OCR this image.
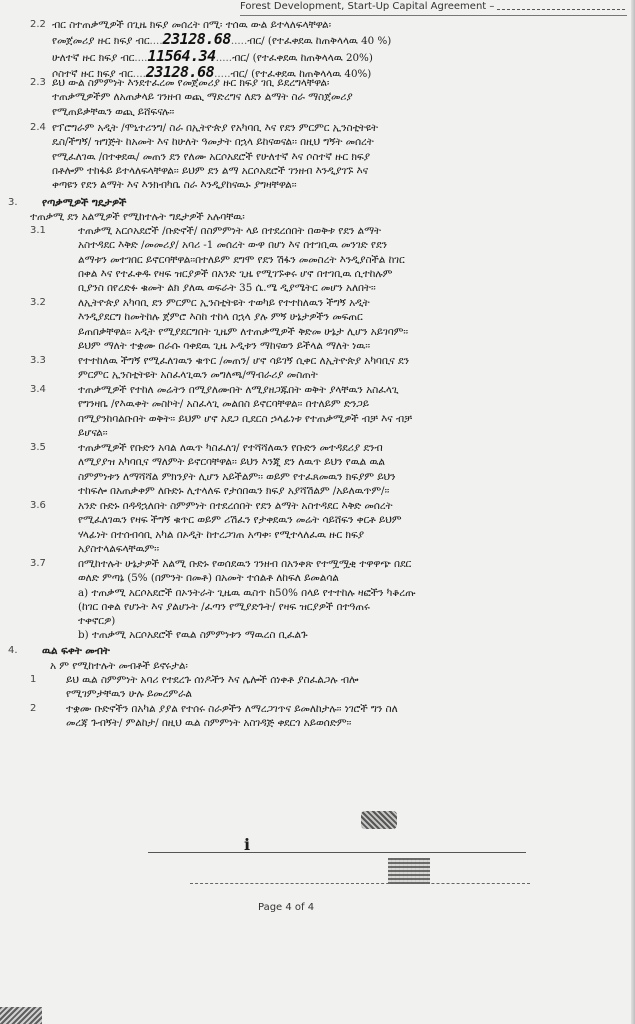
Forest Development, Start-Up Capital Agreement –
2.2 ብር ስተጠቃሚዎች በጊዜ ክፍያ መሰረት በሚ፡ ተሰዉ ውል ይተላለፍላቸዋል፡
የመጀመሪያ ዙር ክፍያ ብር....23128.68.....ብር/ (የተፈቀደዉ ከጠቅላላዉ 40 %)
ሁለተኛ ዙር ክፍያ ብር....11564.34.....ብር/ (የተፈቀደዉ ከጠቅላላዉ 20%)
ሶስተኛ ዙር ክፍያ ብር....23128.68.....ብር/ (የተፈቀደዉ ከጠቅላላዉ 40%)
2.3 ይህ ውል ስምምነት እንደተፈረመ የመጀመሪያ ዙር ክፍያ ገቢ ይደረግላቸዋል፡
ተጠቃሚዎችም ለአጠቃላይ ገንዘብ ወጪ ማድረግና ለደን ልማት ስራ ማስጀመሪያ
የሚጠይቃቸዉን ወጪ ይሸፍናሉ፡፡
2.4 የፕሮግራም አዲት /ሞኒተሪንግ/ ስራ በኢትዮጵያ የአካባቢ እና የደን ምርምር ኢንስቲትዩት
ዴስ/ችግኝ/ ዝግጅት ከአመት እና ከሁለት ዓመታት በኋላ ይከናወናል፡፡ በዚህ ግኝት መሰረት
የሚፈለገዉ /በተቀደዉ/ መጠን ደን የለሙ አርሶአደሮች የሁለተኛ እና ሶስተኛ ዙር ክፍያ
በቶሎም ተከፋይ ይተላለፍላቸዋል፡፡ ይህም ደን ልማ አርሶአደሮች ገንዘብ እንዲያገኙ እና
ቀጣዩን የደን ልማት እና እንክብካቤ ስራ እንዲያከናዉኑ ያግዛቸዋል፡፡
3. የጣቃሚዎች ግዴታዎች
ተጠቃሚ ደን አልሚዎች የሚከተሉት ግዴታዎች አሉባቸዉ፡
3.1	ተጠቃሚ አርሶአደሮች /ቡድኖች/ በስምምነት ላይ በተደረሰበት በወቅቱ የደን ልማት
አስተዳደር እቅድ /መመሪያ/ አባሪ -1 መሰረት ውዋ በሆነ እና በተገቢዉ መንገድ የደን
ልማቱን መተገበር ይኖርባቸዋል፡፡በተለይም ደግሞ የደን ሽፋን መመስረት እንዲያስችል ከገር
በቀል እና የተፈቀዱ የዛፍ ዝርያዎች በአንድ ጊዜ የሚገኙቀሩ ሆኖ በተገቢዉ ሲተከሉም
ቢያንስ በየረድፉ ቁመት ልክ ያለዉ ወፍራት 35 ሴ.ሜ ዲያሜትር መሆን አለበት፡፡
3.2	ለኢትዮጵያ አካባቢ ደን ምርምር ኢንስቲትዩት ተወካይ የተተከለዉን ችግኝ አዲት
እንዲያደርግ ከመትከሉ ጀምሮ እስከ ተከላ በኋላ ያሉ ምኝ ሁኔታዎችን መፍጠር
ይጠበቃቸዋል፡፡ አዲት የሚያደርግበት ጊዜም ለተጠቃሚዎች ቅድመ ሁኔታ ሊሆን አይገባም፡፡
ይህም ማለት ተቋሙ በራሱ ባቀደዉ ጊዜ ኦዲቱን ማከናወን ይችላል ማለት ነዉ፡፡
3.3	የተተከለዉ ችግኝ የሚፈለገዉን ቁጥር /መጠን/ ሆኖ ሳይገኝ ሲቀር ለኢትዮጵያ አካባቢና ደን
ምርምር ኢንስቲትዩት አስፈላጊዉን መግለጫ/ማብራሪያ መስጠት
3.4	ተጠቃሚዎች የተከለ መሬትን በሚያለሙበት ለሚያዘጋጁበት ወቅት ያላቸዉን አስፈላጊ
የግንዛቤ /የእዉቀት መስኮት/ አስፈላጊ መልበስ ይኖርባቸዋል፡፡ በተለይም ድንጋይ
በሚያንከባልቡበት ወቅት፡፡ ይህም ሆኖ አደጋ ቢደርስ ኃላፊነቱ የተጠቃሚዎች ብቻ እና ብቻ
ይሆናል፡፡
3.5	ተጠቃሚዎች የቡድን አባል ለዉጥ ካስፈለገ/ የተሻሻለዉን የቡድን መተዳደሪያ ደንብ
ለሚያያዝ አካባቢና ማለምት ይኖርባቸዋል፡፡ ይህን እንጂ ደን ለዉጥ ይህን የዉል ዉል
ስምምነቱን ለማሻሻል ምክንያት ሊሆን አይችልም፡፡ ወይም የተፈጸመዉን ክፍያም ይህን
ተከፍሎ በአጠቃቀም ለቡድኑ ሊተላለፍ የታሰበዉን ክፍያ አያሻሽልም /አይለዉጥም/፡፡
3.6	አንድ ቡድኑ በዳዳኋለበት ስምምነት በተደረሰበት የደን ልማት አስተዳደር እቅድ መሰረት
የሚፈለገዉን የዛፍ ችግኝ ቁጥር ወይም ሪሽፈን የታቀደዉን መሬት ሳይሸፍን ቀርቶ ይህም
ሃላፊነት በተሰብሳቢ አካል በኦዲት ከተረጋገጠ አጣቀ፡ የሚተላለፈዉ ዙር ክፍያ
አያስተላልፍላቸዉም፡፡
3.7	በሚከተሉት ሁኔታዎች አልሚ ቡድኑ የወሰደዉን ገንዘብ በአንቀጽ የተሟሟቂ ተዋዋጭ በደር
ወለድ ምጣኔ (5% (በምንት በመቶ) በአመት ተሰልቶ ለከፍለ ይመልሳል
a) ተጠቃሚ አርሶአደሮች በኦንትራት ጊዜዉ ዉስጥ ከ50% በላይ የተተከሉ ዛፎችን ካቆረጡ
(ከገር በቀል የሆኑት እና ያልሆኑት /ፈጣን የሚያድጉት/ የዛፍ ዝርያዎች በተዓጠሩ
ተቀኖርዎ)
b) ተጠቃሚ አርሶአደሮች የዉል ስምምነቱን ማዉረስ ቢፈልጉ
4. ዉል ፍቀት መብት
አ ም የሚከተሉት መብቶች ይኖሩታል፡
1	ይህ ዉል ስምምነት አባሪ የተደረጉ ሰነዶችን እና ሌሎች ሰነቀቶ ያስፈልጋሉ ብሎ
የሚገምታቸዉን ሁሉ ይመረምራል
2	ተቋሙ ቡድኖችን በአካል ያያል የተሰሩ ስራዎችን ለማረጋገጥና ይመለከታሉ፡፡ ነገሮች ግን ስለ
መረጃ ጉብኝት/ ምልከታ/ በዚህ ዉል ስምምነት አስገዳጅ ቀደርጎ አይወሰድም፡፡
i
Page 4 of 4
